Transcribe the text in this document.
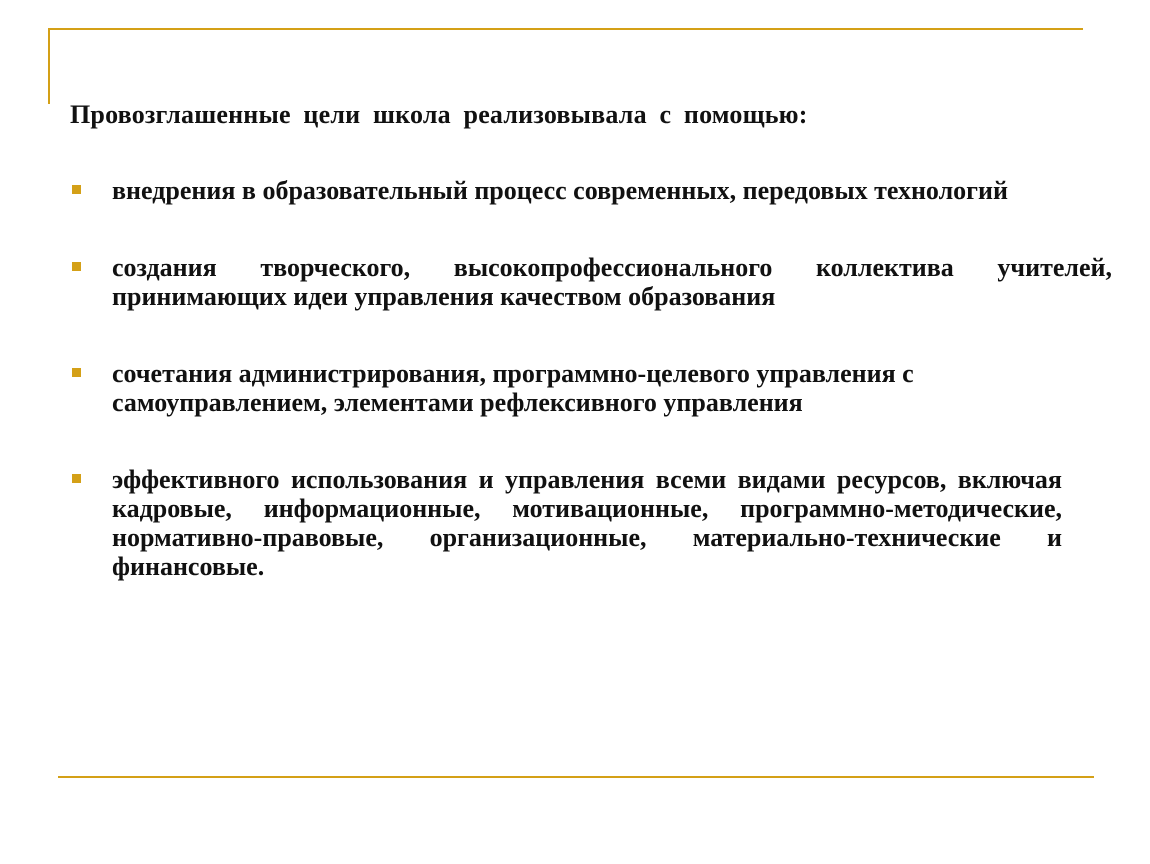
Провозглашенные цели школа реализовывала с помощью:
внедрения в образовательный процесс современных, передовых технологий
создания творческого, высокопрофессионального коллектива учителей, принимающих идеи управления качеством образования
сочетания администрирования, программно-целевого управления с самоуправлением, элементами рефлексивного управления
эффективного использования и управления всеми видами ресурсов, включая кадровые, информационные, мотивационные, программно-методические, нормативно-правовые, организационные, материально-технические и финансовые.
